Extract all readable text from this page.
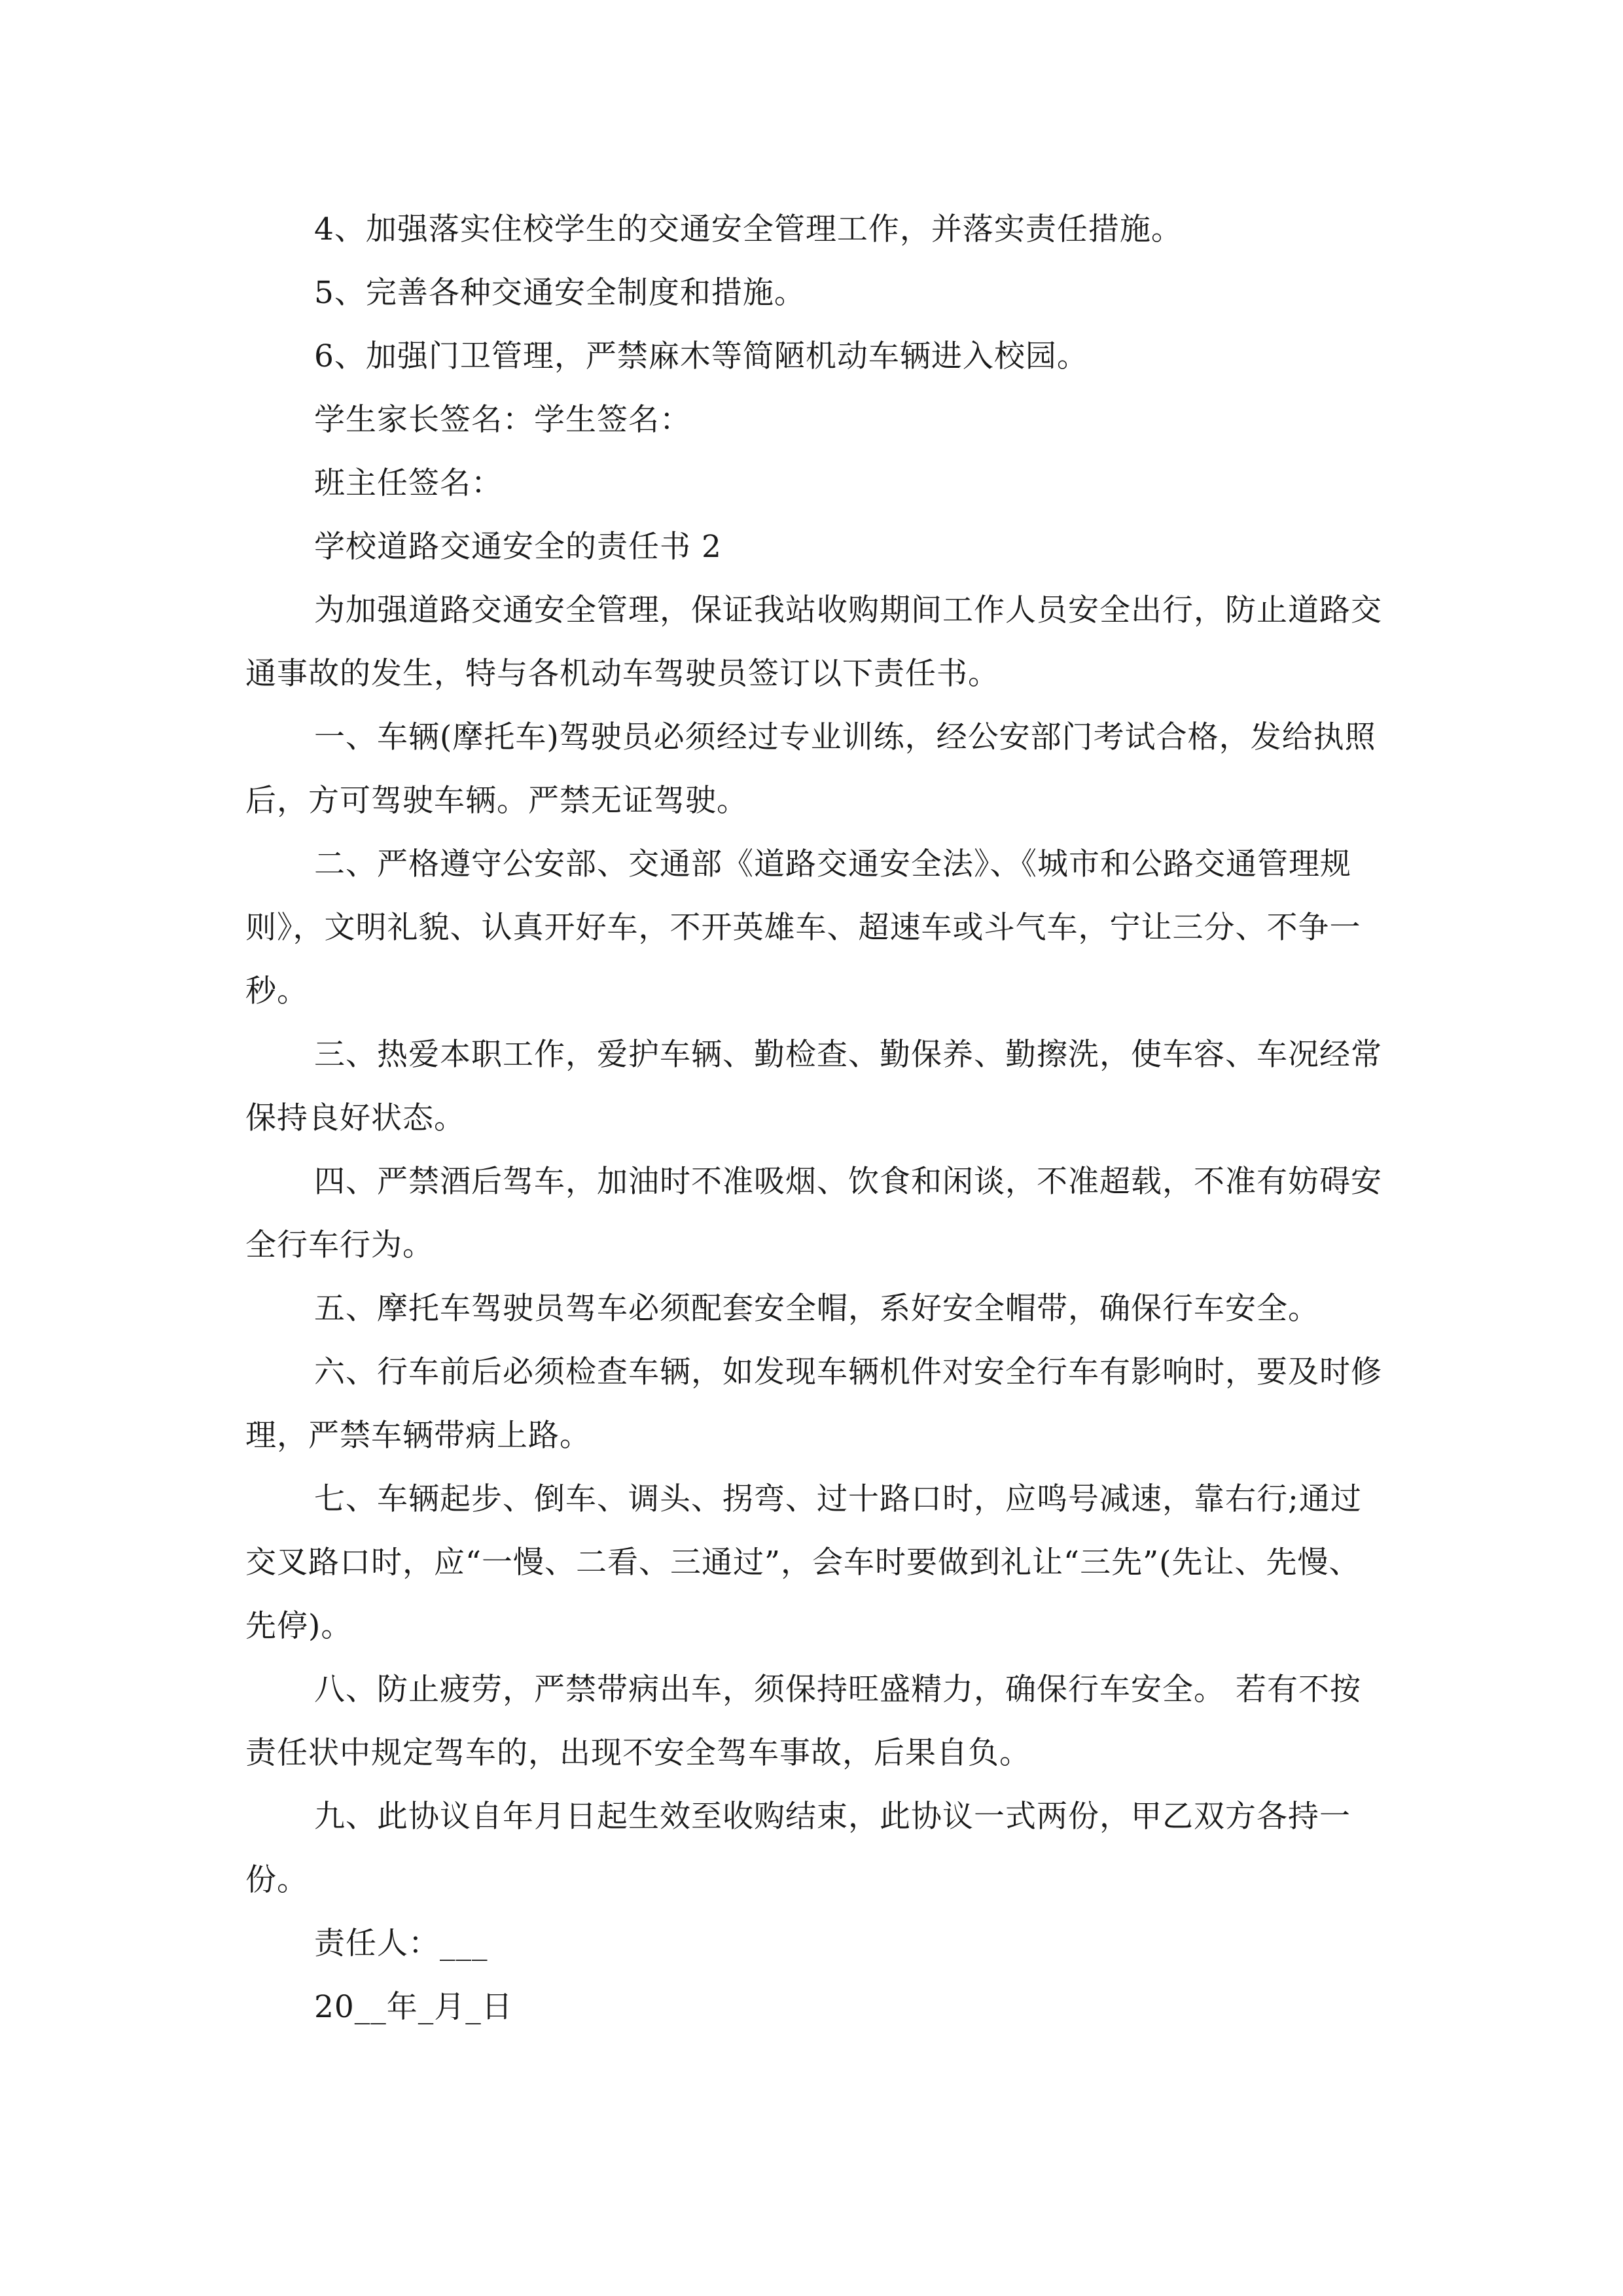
4、加强落实住校学生的交通安全管理工作，并落实责任措施。

5、完善各种交通安全制度和措施。

6、加强门卫管理，严禁麻木等简陋机动车辆进入校园。

学生家长签名：学生签名：

班主任签名：

学校道路交通安全的责任书 2

为加强道路交通安全管理，保证我站收购期间工作人员安全出行，防止道路交通事故的发生，特与各机动车驾驶员签订以下责任书。

一、车辆(摩托车)驾驶员必须经过专业训练，经公安部门考试合格，发给执照后，方可驾驶车辆。严禁无证驾驶。

二、严格遵守公安部、交通部《道路交通安全法》、《城市和公路交通管理规则》，文明礼貌、认真开好车，不开英雄车、超速车或斗气车，宁让三分、不争一秒。

三、热爱本职工作，爱护车辆、勤检查、勤保养、勤擦洗，使车容、车况经常保持良好状态。

四、严禁酒后驾车，加油时不准吸烟、饮食和闲谈，不准超载，不准有妨碍安全行车行为。

五、摩托车驾驶员驾车必须配套安全帽，系好安全帽带，确保行车安全。

六、行车前后必须检查车辆，如发现车辆机件对安全行车有影响时，要及时修理，严禁车辆带病上路。

七、车辆起步、倒车、调头、拐弯、过十路口时，应鸣号减速，靠右行;通过交叉路口时，应“一慢、二看、三通过”，会车时要做到礼让“三先”(先让、先慢、先停)。

八、防止疲劳，严禁带病出车，须保持旺盛精力，确保行车安全。 若有不按责任状中规定驾车的，出现不安全驾车事故，后果自负。

九、此协议自年月日起生效至收购结束，此协议一式两份，甲乙双方各持一份。

责任人：___

20__年_月_日
